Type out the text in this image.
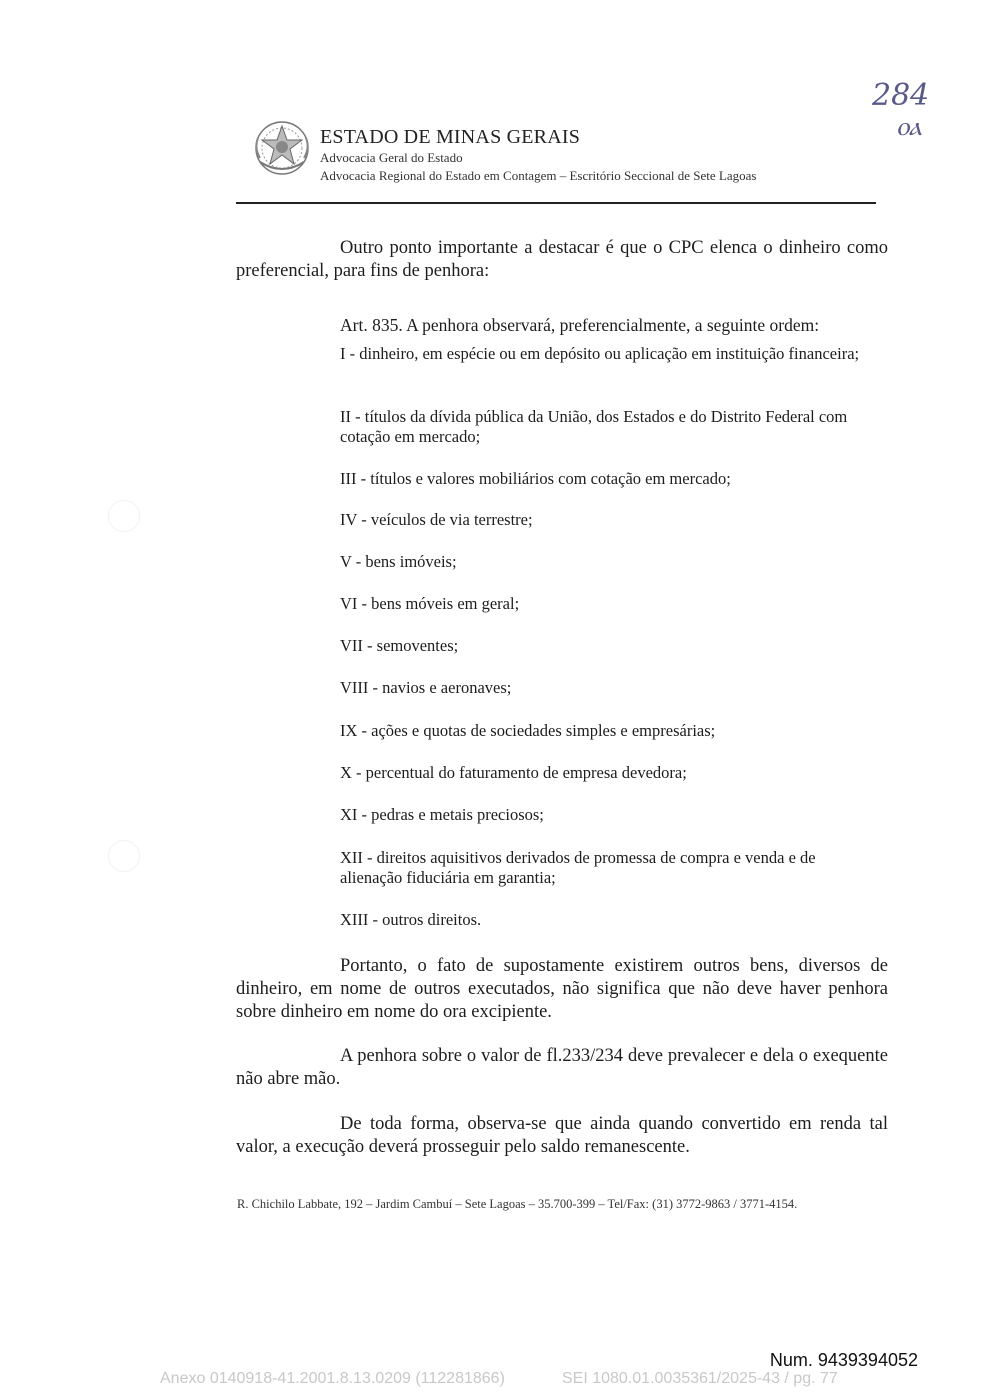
ESTADO DE MINAS GERAIS
Advocacia Geral do Estado
Advocacia Regional do Estado em Contagem – Escritório Seccional de Sete Lagoas
284
ⲟⲁ
Outro ponto importante a destacar é que o CPC elenca o dinheiro como preferencial, para fins de penhora:
Art. 835. A penhora observará, preferencialmente, a seguinte ordem:
I - dinheiro, em espécie ou em depósito ou aplicação em instituição financeira;
II - títulos da dívida pública da União, dos Estados e do Distrito Federal com cotação em mercado;
III - títulos e valores mobiliários com cotação em mercado;
IV - veículos de via terrestre;
V - bens imóveis;
VI - bens móveis em geral;
VII - semoventes;
VIII - navios e aeronaves;
IX - ações e quotas de sociedades simples e empresárias;
X - percentual do faturamento de empresa devedora;
XI - pedras e metais preciosos;
XII - direitos aquisitivos derivados de promessa de compra e venda e de alienação fiduciária em garantia;
XIII - outros direitos.
Portanto, o fato de supostamente existirem outros bens, diversos de dinheiro, em nome de outros executados, não significa que não deve haver penhora sobre dinheiro em nome do ora excipiente.
A penhora sobre o valor de fl.233/234 deve prevalecer e dela o exequente não abre mão.
De toda forma, observa-se que ainda quando convertido em renda tal valor, a execução deverá prosseguir pelo saldo remanescente.
R. Chichilo Labbate, 192 – Jardim Cambuí – Sete Lagoas – 35.700-399 – Tel/Fax: (31) 3772-9863 / 3771-4154.
Num. 9439394052
Anexo 0140918-41.2001.8.13.0209 (112281866)	SEI 1080.01.0035361/2025-43 / pg. 77
